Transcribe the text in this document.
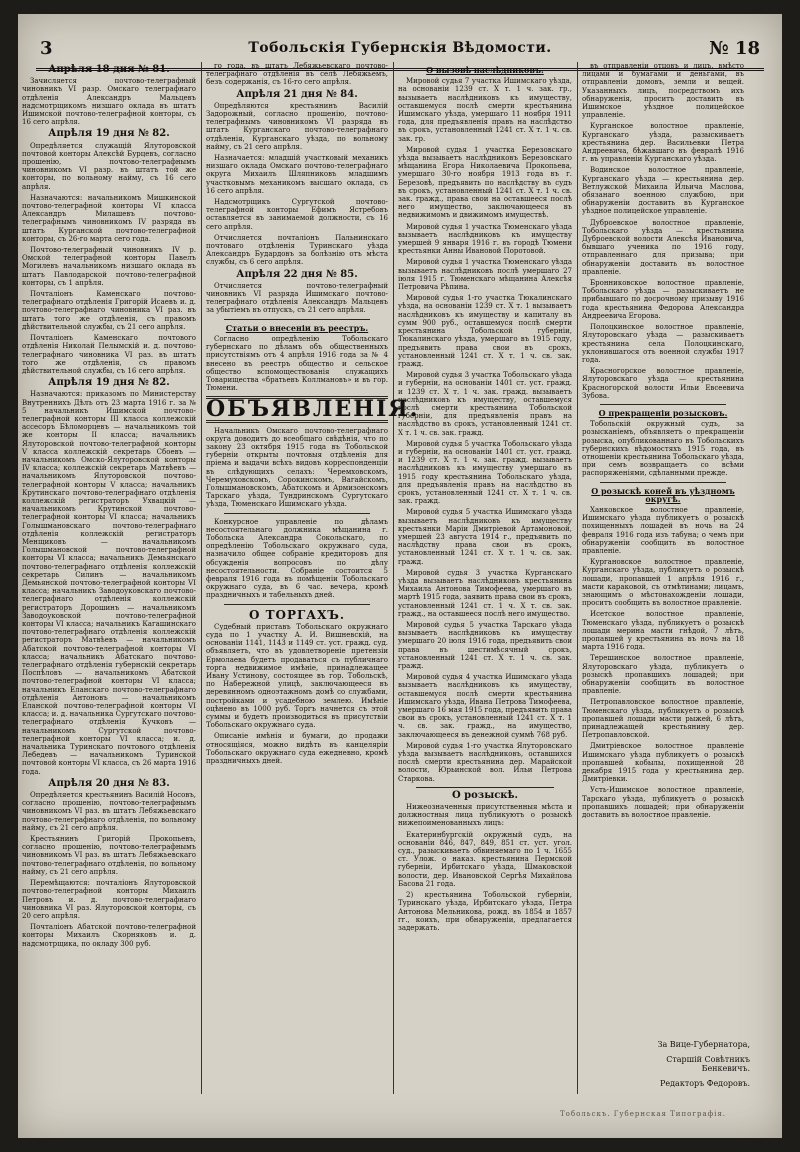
3	Тобольскія Губернскія Вѣдомости.	№ 18
Апрѣля 18 дня № 81.

Зачисляется почтово-телеграфный чиновникъ VI разр. Омскаго телеграфнаго отдѣленія Александръ Мальцевъ надсмотрщикомъ низшаго оклада въ штатъ Ишимской почтово-телеграфной конторы, съ 16 сего апрѣля.

Апрѣля 19 дня № 82.

Опредѣляется служащій Ялуторовской почтовой конторы Алексѣй Бурцевъ, согласно прошенію, почтово-телеграфнымъ чиновникомъ VI разр. въ штатъ той же конторы, по вольному найму, съ 16 сего апрѣля.

Назначаются: начальникомъ Мишкинской почтово-телеграфной конторы VI класса Александръ Милашевъ почтово-телеграфнымъ чиновникомъ IV разряда въ штатъ Курганской почтово-телеграфной конторы, съ 26-го марта сего года.

Почтово-телеграфный чиновникъ IV р. Омской телеграфной конторы Павелъ Могилевъ начальникомъ низшаго оклада въ штатъ Павлодарской почтово-телеграфной конторы, съ 1 апрѣля.

Почталіонъ Каменскаго почтово-телеграфнаго отдѣленія Григорій Исаевъ и. д. почтово-телеграфнаго чиновника VI раз. въ штатъ того же отдѣленія, съ правомъ дѣйствительной службы, съ 21 сего апрѣля.

Почталіонъ Каменскаго почтового отдѣленія Николай Пелымскій и. д. почтово-телеграфнаго чиновника VI раз. въ штатъ того же отдѣленія, съ правомъ дѣйствительной службы, съ 16 сего апрѣля.

Апрѣля 19 дня № 82.

Назначаются: приказомъ по Министерству Внутреннихъ Дѣлъ отъ 23 марта 1916 г. за № 5 начальникъ Ишимской почтово-телеграфной конторы III класса коллежскій ассесоръ Бѣломорцевъ — начальникомъ той же конторы II класса; начальникъ Ялуторовской почтово-телеграфной конторы V класса коллежскій секретарь Сбоевъ — начальникомъ Омско-Ялуторовской конторы IV класса; коллежскій секретарь Матвѣевъ — начальникомъ Ялуторовской почтово-телеграфной конторы V класса; начальникъ Крутинскаго почтово-телеграфнаго отдѣленія коллежскій регистраторъ Ухвацкій — начальникомъ Крутинской почтово-телеграфной конторы VI класса; начальникъ Голышмановскаго почтово-телеграфнаго отдѣленія коллежскій регистраторъ Менщиковъ — начальникомъ Голышмановской почтово-телеграфной конторы VI класса; начальникъ Демьянскаго почтово-телеграфнаго отдѣленія коллежскій секретарь Силинъ — начальникомъ Демьянской почтово-телеграфной конторы VI класса; начальникъ Заводоуковскаго почтово-телеграфнаго отдѣленія коллежскій регистраторъ Дорошинъ — начальникомъ Заводоуковской почтово-телеграфной конторы VI класса; начальникъ Кагашинскаго почтово-телеграфнаго отдѣленія коллежскій регистраторъ Матвѣевъ — начальникомъ Абатской почтово-телеграфной конторы VI класса; начальникъ Абатскаго почтово-телеграфнаго отдѣленія губернскій секретарь Поспѣловъ — начальникомъ Абатской почтово-телеграфной конторы VI класса; начальникъ Еланскаго почтово-телеграфнаго отдѣленія Антоновъ — начальникомъ Еланской почтово-телеграфной конторы VI класса; и. д. начальника Сургутскаго почтово-телеграфнаго отдѣленія Кучковъ — начальникомъ Сургутской почтово-телеграфной конторы VI класса; и. д. начальника Туринскаго почтового отдѣленія Лебедевъ — начальникомъ Туринской почтовой конторы VI класса, съ 26 марта 1916 года.

Апрѣля 20 дня № 83.

Опредѣляется крестьянинъ Василій Носовъ, согласно прошенію, почтово-телеграфнымъ чиновникомъ VI раз. въ штатъ Лебяжьевскаго почтово-телеграфнаго отдѣленія, по вольному найму, съ 21 сего апрѣля.

Крестьянинъ Григорій Прокопьевъ, согласно прошенію, почтово-телеграфнымъ чиновникомъ VI раз. въ штатъ Лебяжьевскаго почтово-телеграфнаго отдѣленія, по вольному найму, съ 21 сего апрѣля.

Перемѣщаются: почталіонъ Ялуторовской почтово-телеграфной конторы Михаилъ Петровъ и. д. почтово-телеграфнаго чиновника VI раз. Ялуторовской конторы, съ 20 сего апрѣля.

Почталіонъ Абатской почтово-телеграфной конторы Михаилъ Скорняковъ и. д. надсмотрщика, по окладу 300 руб.

го года, въ штатъ Лебяжьевскаго почтово-телеграфнаго отдѣленія въ селѣ Лебяжьемъ, безъ содержанія, съ 16-го сего апрѣля.

Апрѣля 21 дня № 84.

Опредѣляются крестьянинъ Василій Задорожный, согласно прошенію, почтово-телеграфнымъ чиновникомъ VI разряда въ штатъ Курганскаго почтово-телеграфнаго отдѣленія, Курганскаго уѣзда, по вольному найму, съ 21 сего апрѣля.

Назначается: младшій участковый механикъ низшаго оклада Омскаго почтово-телеграфнаго округа Михаилъ Шляпниковъ младшимъ участковымъ механикомъ высшаго оклада, съ 16 сего апрѣля.

Надсмотрщикъ Сургутской почтово-телеграфной конторы Ефимъ Ястребовъ оставляется въ занимаемой должности, съ 16 сего апрѣля.

Отчисляется почталіонъ Пальнинскаго почтоваго отдѣленія Туринскаго уѣзда Александръ Будардовъ за болѣзнію отъ мѣста службы, съ 6 сего апрѣля.

Апрѣля 22 дня № 85.

Отчисляется почтово-телеграфный чиновникъ VI разряда Ишимскаго почтово-телеграфнаго отдѣленія Александръ Мальцевъ за убытіемъ въ отпускъ, съ 21 сего апрѣля.

Статьи о внесеніи въ реестръ.

Согласно опредѣленію Тобольскаго губернскаго по дѣламъ объ общественныхъ присутствіямъ отъ 4 апрѣля 1916 года за № 4 внесено въ реестръ общество и сельское общество вспомоществованія служащихъ Товарищества «братьевъ Коллмановъ» и въ гор. Тюмени.

ОБЪЯВЛЕНІЯ.

Начальникъ Омскаго почтово-телеграфнаго округа доводитъ до всеобщаго свѣдѣнія, что по закону 23 октября 1915 года въ Тобольской губерніи открыты почтовыя отдѣленія для пріема и выдачи всѣхъ видовъ корреспонденціи въ слѣдующихъ селахъ: Черемховскомъ, Черемуховскомъ, Сорокинскомъ, Вагайскомъ, Голышмановскомъ, Абатскомъ и Армизонскомъ Тарскаго уѣзда, Тундринскомъ Сургутскаго уѣзда, Тюменскаго Ишимскаго уѣзда.

Конкурсное управленіе по дѣламъ несостоятельнаго должника мѣщанина г. Тобольска Александра Сокольскаго, по опредѣленію Тобольскаго окружнаго суда, назначило общее собраніе кредиторовъ для обсужденія вопросовъ по дѣлу несостоятельности. Собраніе состоится 5 февраля 1916 года въ помѣщеніи Тобольскаго окружнаго суда, въ 6 час. вечера, кромѣ праздничныхъ и табельныхъ дней.

О ТОРГАХЪ.

Судебный приставъ Тобольскаго окружнаго суда по 1 участку А. И. Вишневскій, на основаніи 1141, 1143 и 1149 ст. уст. гражд. суд. объявляетъ, что въ удовлетвореніе претензіи Ермолаева будетъ продаваться съ публичнаго торга недвижимое имѣніе, принадлежащее Ивану Устинову, состоящее въ гор. Тобольскѣ, по Набережной улицѣ, заключающееся въ деревянномъ одноэтажномъ домѣ со службами, постройками и усадебною землею. Имѣніе оцѣнено въ 1000 руб. Торгъ начнется съ этой суммы и будетъ производиться въ присутствіи Тобольскаго окружнаго суда.

Описаніе имѣнія и бумаги, до продажи относящіяся, можно видѣть въ канцеляріи Тобольскаго окружнаго суда ежедневно, кромѣ праздничныхъ дней.

О вызовѣ наслѣдниковъ.

Мировой судья 7 участка Ишимскаго уѣзда, на основаніи 1239 ст. X т. 1 ч. зак. гр., вызываетъ наслѣдниковъ къ имуществу, оставшемуся послѣ смерти крестьянина Ишимскаго уѣзда, умершаго 11 ноября 1911 года, для предъявленія правъ на наслѣдство въ срокъ, установленный 1241 ст. X т. 1 ч. св. зак. гр.

Мировой судья 1 участка Березовскаго уѣзда вызываетъ наслѣдниковъ Березовскаго мѣщанина Егора Николаевича Прокопьева, умершаго 30-го ноября 1913 года въ г. Березовѣ, предъявить по наслѣдству въ судъ въ срокъ, установленный 1241 ст. X т. 1 ч. св. зак. гражд., права свои на оставшееся послѣ него имущество, заключающееся въ недвижимомъ и движимомъ имуществѣ.

Мировой судья 1 участка Тюменскаго уѣзда вызываетъ наслѣдниковъ къ имуществу умершей 9 января 1916 г. въ городѣ Тюмени крестьянки Анны Ивановой Поротовой.

Мировой судья 1 участка Тюменскаго уѣзда вызываетъ наслѣдниковъ послѣ умершаго 27 іюля 1915 г. Тюменскаго мѣщанина Алексѣя Петровича Рѣпина.

Мировой судья 1-го участка Тюкалинскаго уѣзда, на основаніи 1239 ст. X т. 1 вызываетъ наслѣдниковъ къ имуществу и капиталу въ сумм 900 руб., оставшемуся послѣ смерти крестьянина Тобольской губерніи, Тюкалинскаго уѣзда, умершаго въ 1915 году, предъявить права свои въ срокъ, установленный 1241 ст. X т. 1 ч. св. зак. гражд.

Мировой судья 3 участка Тобольскаго уѣзда и губерніи, на основаніи 1401 ст. уст. гражд. и 1239 ст. X т. 1 ч. зак. гражд. вызываетъ наслѣдниковъ къ имуществу, оставшемуся послѣ смерти крестьянина Тобольской губерніи, для предъявленія правъ на наслѣдство въ срокъ, установленный 1241 ст. X т. 1 ч. св. зак. гражд.

Мировой судья 5 участка Тобольскаго уѣзда и губерніи, на основаніи 1401 ст. уст. гражд. и 1239 ст. X т. 1 ч. зак. гражд. вызываетъ наслѣдниковъ къ имуществу умершаго въ 1915 году крестьянина Тобольскаго уѣзда, для предъявленія правъ на наслѣдство въ срокъ, установленный 1241 ст. X т. 1 ч. св. зак. гражд.

Мировой судья 5 участка Ишимскаго уѣзда вызываетъ наслѣдниковъ къ имуществу крестьянки Маріи Дмитріевой Артамоновой, умершей 23 августа 1914 г., предъявить по наслѣдству права свои въ срокъ, установленный 1241 ст. X т. 1 ч. св. зак. гражд.

Мировой судья 3 участка Курганскаго уѣзда вызываетъ наслѣдниковъ крестьянина Михаила Антонова Тимофеева, умершаго въ мартѣ 1915 года, заявить права свои въ срокъ, установленный 1241 ст. 1 ч. X т. св. зак. гражд., на оставшееся послѣ него имущество.

Мировой судья 5 участка Тарскаго уѣзда вызываетъ наслѣдниковъ къ имуществу умершаго 20 іюля 1916 года, предъявить свои права въ шестимѣсячный срокъ, установленный 1241 ст. X т. 1 ч. св. зак. гражд.

Мировой судья 4 участка Ишимскаго уѣзда вызываетъ наслѣдниковъ къ имуществу, оставшемуся послѣ смерти крестьянина Ишимскаго уѣзда, Ивана Петрова Тимофеева, умершаго 16 мая 1915 года, предъявить права свои въ срокъ, установленный 1241 ст. X т. 1 ч. св. зак. гражд., на имущество, заключающееся въ денежной суммѣ 768 руб.

Мировой судья 1-го участка Ялуторовскаго уѣзда вызываетъ наслѣдниковъ, оставшихся послѣ смерти крестьянина дер. Марайской волости, Юрьинской вол. Ильи Петрова Старкова.

О розыскѣ.

Нижеозначенныя присутственныя мѣста и должностныя лица публикуютъ о розыскѣ нижепоименованныхъ лицъ:

Екатеринбургскій окружный судъ, на основаніи 846, 847, 849, 851 ст. уст. угол. суд., разыскиваетъ обвиняемаго по 1 ч. 1655 ст. Улож. о наказ. крестьянина Пермской губерніи, Ирбитскаго уѣзда, Шмаковской волости, дер. Ивановской Сергѣя Михайлова Басова 21 года.

2) крестьянина Тобольской губерніи, Туринскаго уѣзда, Ирбитскаго уѣзда, Петра Антонова Мельникова, рожд. въ 1854 и 1857 гг., коихъ, при обнаруженіи, предлагается задержать.

въ отправленіи отцовъ и лицъ, вмѣсто лицами и бумагами и деньгами, въ отправленіи домовъ, земли и вещей. Указанныхъ лицъ, посредствомъ ихъ обнаруженія, проситъ доставить въ Ишимское уѣздное полицейское управленіе.

Курганское волостное правленіе, Курганскаго уѣзда, разыскиваетъ крестьянина дер. Васильевки Петра Андреевича, бѣжавшаго въ февралѣ 1916 г. въ управленіи Курганскаго уѣзда.

Водинское волостное правленіе, Курганскаго уѣзда — крестьянина дер. Ветлужской Михаила Ильича Маслова, обязанаго военною службою, при обнаруженіи доставить въ Курганское уѣздное полицейское управленіе.

Дуброевское волостное правленіе, Тобольскаго уѣзда — крестьянина Дуброевской волости Алексѣя Ивановича, бывшаго ученика по 1916 году, отправленнаго для призыва; при обнаруженіи доставить въ волостное правленіе.

Бронниковское волостное правленіе, Тобольскаго уѣзда — разыскиваетъ не прибывшаго по досрочному призыву 1916 года крестьянина Федорова Александра Андреевича Егорова.

Полоцкинское волостное правленіе, Ялуторовскаго уѣзда — разыскиваетъ крестьянина села Полоцкинскаго, уклонившагося отъ военной службы 1917 года.

Красногорское волостное правленіе, Ялуторовскаго уѣзда — крестьянина Красногорской волости Ильи Евсеевича Зубова.

О прекращеніи розысковъ.

Тобольскій окружный судъ, за розысканіемъ, объявляетъ о прекращеніи розыска, опубликованнаго въ Тобольскихъ губернскихъ вѣдомостяхъ 1915 года, въ отношеніи крестьянина Тобольскаго уѣзда, при семъ возвращаетъ со всѣми распоряженіями, сдѣланными прежде.

О розыскѣ коней въ уѣздномъ округѣ.

Ханковское волостное правленіе, Ишимскаго уѣзда публикуетъ о розыскѣ похищенныхъ лошадей въ ночь на 24 февраля 1916 года изъ табуна; о чемъ при обнаруженіи сообщить въ волостное правленіе.

Кургановское волостное правленіе, Курганскаго уѣзда, публикуетъ о розыскѣ лошади, пропавшей 1 апрѣля 1916 г., масти караковой, съ отмѣтинами; лицамъ, знающимъ о мѣстонахожденіи лошади, проситъ сообщить въ волостное правленіе.

Исетское волостное правленіе, Тюменскаго уѣзда, публикуетъ о розыскѣ лошади мерина масти гнѣдой, 7 лѣтъ, пропавшей у крестьянина въ ночь на 18 марта 1916 года.

Терешинское волостное правленіе, Ялуторовскаго уѣзда, публикуетъ о розыскѣ пропавшихъ лошадей; при обнаруженіи сообщить въ волостное правленіе.

Петропавловское волостное правленіе, Тюменскаго уѣзда, публикуетъ о розыскѣ пропавшей лошади масти рыжей, 6 лѣтъ, принадлежащей крестьянину дер. Петропавловской.

Дмитріевское волостное правленіе Ишимскаго уѣзда публикуетъ о розыскѣ пропавшей кобылы, похищенной 28 декабря 1915 года у крестьянина дер. Дмитріевки.

Усть-Ишимское волостное правленіе, Тарскаго уѣзда, публикуетъ о розыскѣ пропавшихъ лошадей; при обнаруженіи доставить въ волостное правленіе.

За Вице-Губернатора,
Старшій Совѣтникъ Бенкевичъ.
Редакторъ Федоровъ.
Тобольскъ. Губернская Типографія.
